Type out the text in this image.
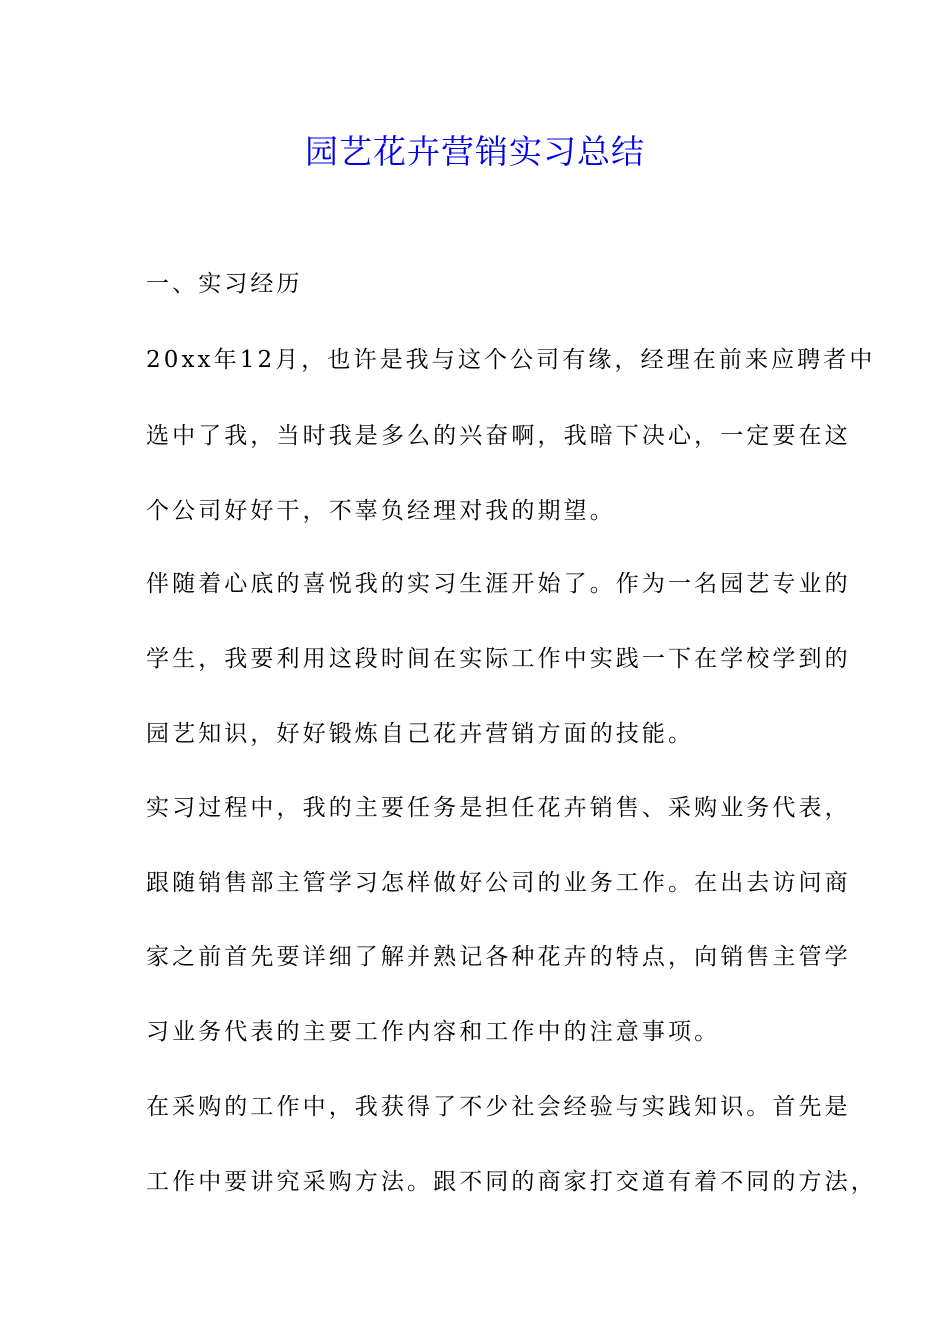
园艺花卉营销实习总结
一、实习经历
20xx年12月，也许是我与这个公司有缘，经理在前来应聘者中
选中了我，当时我是多么的兴奋啊，我暗下决心，一定要在这
个公司好好干，不辜负经理对我的期望。
伴随着心底的喜悦我的实习生涯开始了。作为一名园艺专业的
学生，我要利用这段时间在实际工作中实践一下在学校学到的
园艺知识，好好锻炼自己花卉营销方面的技能。
实习过程中，我的主要任务是担任花卉销售、采购业务代表，
跟随销售部主管学习怎样做好公司的业务工作。在出去访问商
家之前首先要详细了解并熟记各种花卉的特点，向销售主管学
习业务代表的主要工作内容和工作中的注意事项。
在采购的工作中，我获得了不少社会经验与实践知识。首先是
工作中要讲究采购方法。跟不同的商家打交道有着不同的方法，
